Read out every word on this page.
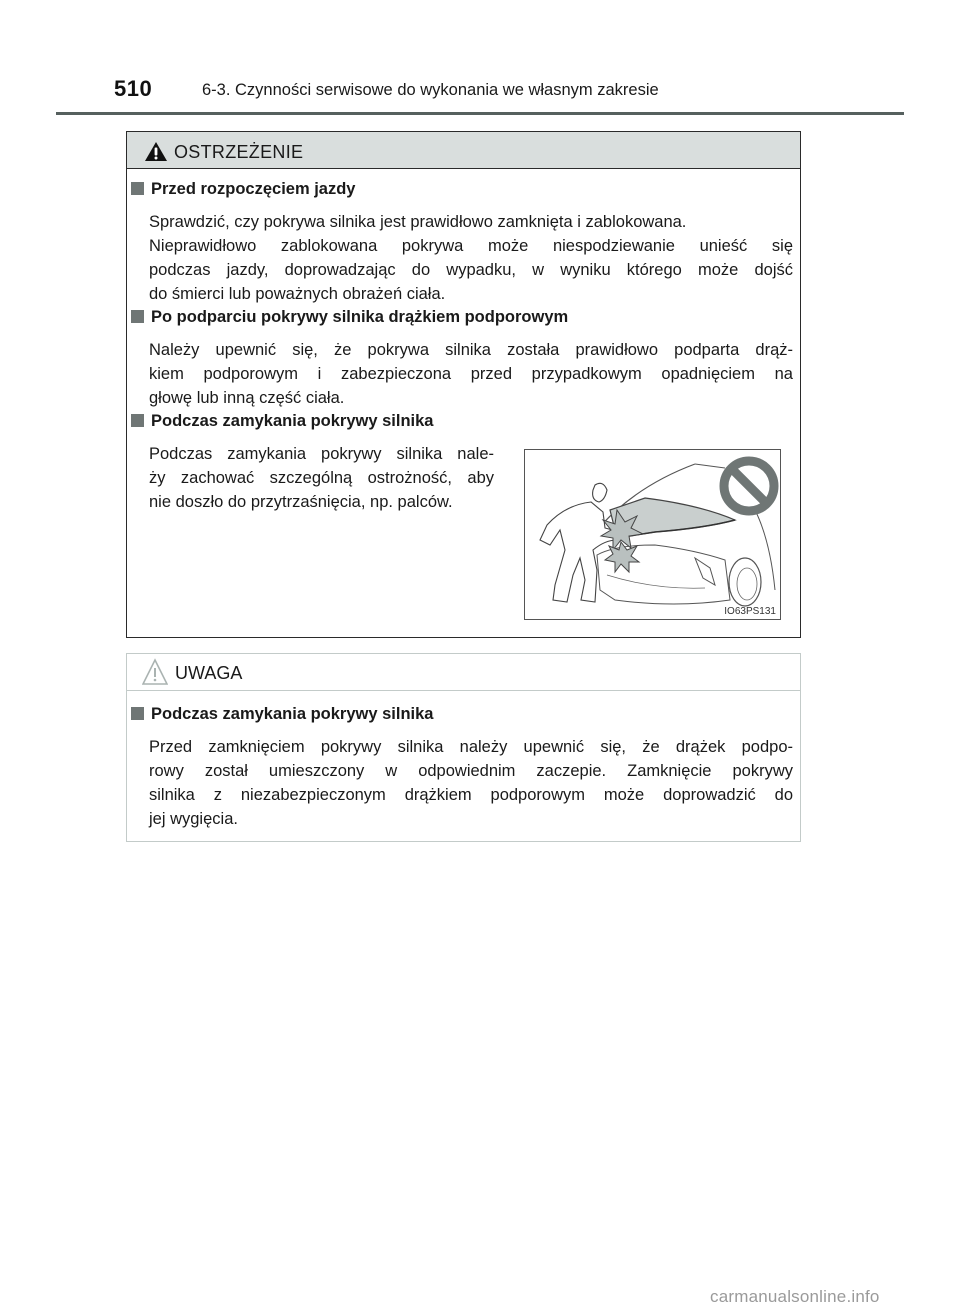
510	6-3. Czynności serwisowe do wykonania we własnym zakresie
OSTRZEŻENIE
Przed rozpoczęciem jazdy
Sprawdzić, czy pokrywa silnika jest prawidłowo zamknięta i zablokowana.
Nieprawidłowo zablokowana pokrywa może niespodziewanie unieść się
podczas jazdy, doprowadzając do wypadku, w wyniku którego może dojść
do śmierci lub poważnych obrażeń ciała.
Po podparciu pokrywy silnika drążkiem podporowym
Należy upewnić się, że pokrywa silnika została prawidłowo podparta drąż-
kiem podporowym i zabezpieczona przed przypadkowym opadnięciem na
głowę lub inną część ciała.
Podczas zamykania pokrywy silnika
Podczas zamykania pokrywy silnika nale-
ży zachować szczególną ostrożność, aby
nie doszło do przytrzaśnięcia, np. palców.
IO63PS131
UWAGA
Podczas zamykania pokrywy silnika
Przed zamknięciem pokrywy silnika należy upewnić się, że drążek podpo-
rowy został umieszczony w odpowiednim zaczepie. Zamknięcie pokrywy
silnika z niezabezpieczonym drążkiem podporowym może doprowadzić do
jej wygięcia.
carmanualsonline.info
